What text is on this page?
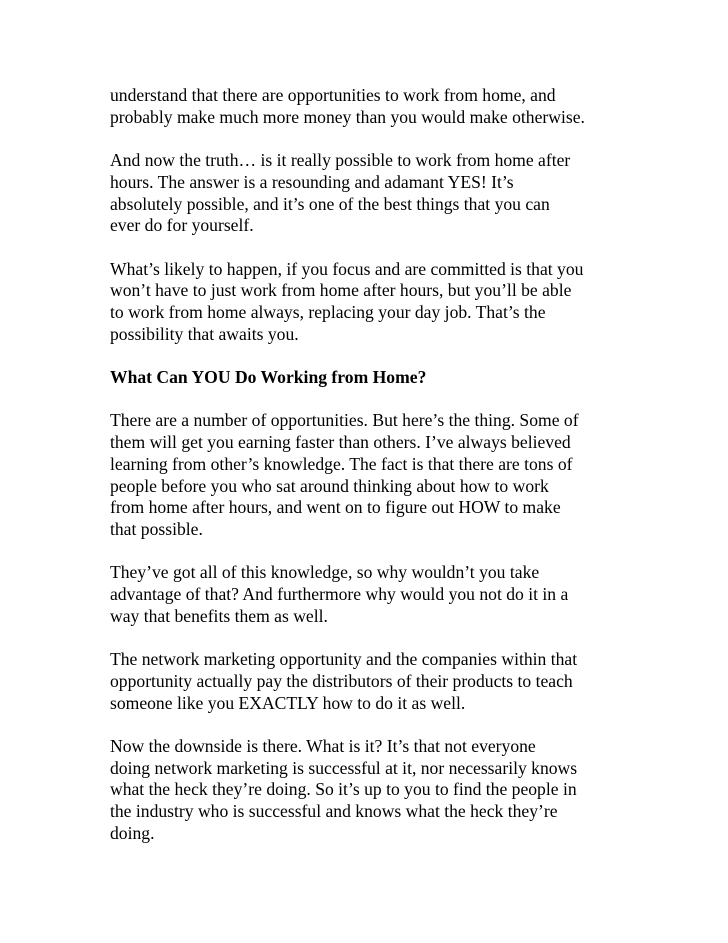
understand that there are opportunities to work from home, and
probably make much more money than you would make otherwise.

And now the truth… is it really possible to work from home after
hours. The answer is a resounding and adamant YES! It’s
absolutely possible, and it’s one of the best things that you can
ever do for yourself.

What’s likely to happen, if you focus and are committed is that you
won’t have to just work from home after hours, but you’ll be able
to work from home always, replacing your day job. That’s the
possibility that awaits you.

What Can YOU Do Working from Home?

There are a number of opportunities. But here’s the thing. Some of
them will get you earning faster than others. I’ve always believed
learning from other’s knowledge. The fact is that there are tons of
people before you who sat around thinking about how to work
from home after hours, and went on to figure out HOW to make
that possible.

They’ve got all of this knowledge, so why wouldn’t you take
advantage of that? And furthermore why would you not do it in a
way that benefits them as well.

The network marketing opportunity and the companies within that
opportunity actually pay the distributors of their products to teach
someone like you EXACTLY how to do it as well.

Now the downside is there. What is it? It’s that not everyone
doing network marketing is successful at it, nor necessarily knows
what the heck they’re doing. So it’s up to you to find the people in
the industry who is successful and knows what the heck they’re
doing.
